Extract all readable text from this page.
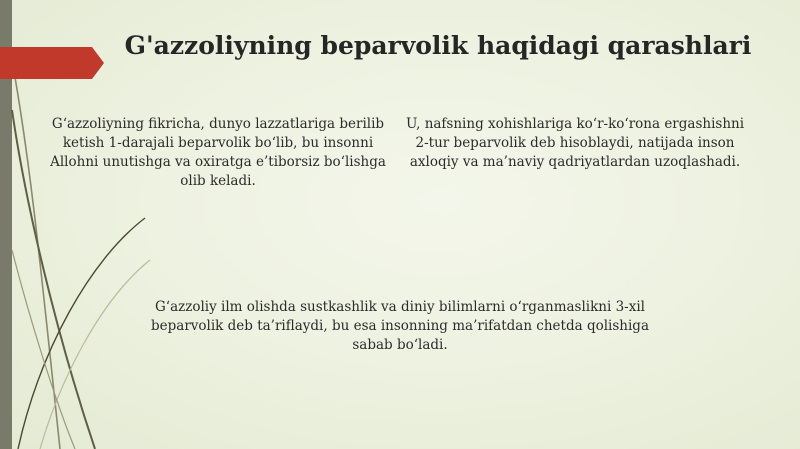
G'azzoliyning beparvolik haqidagi qarashlari
G‘azzoliyning fikricha, dunyo lazzatlariga berilib ketish 1-darajali beparvolik bo‘lib, bu insonni Allohni unutishga va oxiratga e’tiborsiz bo‘lishga olib keladi.
U, nafsning xohishlariga ko‘r-ko‘rona ergashishni 2-tur beparvolik deb hisoblaydi, natijada inson axloqiy va ma’naviy qadriyatlardan uzoqlashadi.
G‘azzoliy ilm olishda sustkashlik va diniy bilimlarni o‘rganmaslikni 3-xil beparvolik deb ta’riflaydi, bu esa insonning ma’rifatdan chetda qolishiga sabab bo‘ladi.
